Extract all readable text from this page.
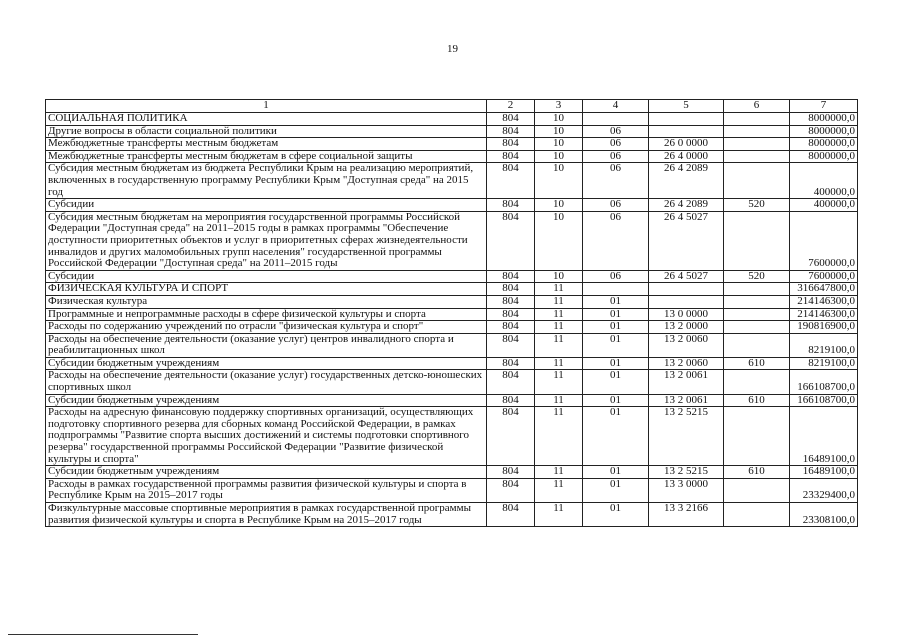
19
1	2	3	4	5	6	7
СОЦИАЛЬНАЯ ПОЛИТИКА	804	10				8000000,0
Другие вопросы в области социальной политики	804	10	06			8000000,0
Межбюджетные трансферты местным бюджетам	804	10	06	26 0 0000		8000000,0
Межбюджетные трансферты местным бюджетам в сфере социальной защиты	804	10	06	26 4 0000		8000000,0
Субсидия местным бюджетам из бюджета Республики Крым на реализацию мероприятий, включенных в государственную программу Республики Крым "Доступная среда" на 2015 год	804	10	06	26 4 2089		400000,0
Субсидии	804	10	06	26 4 2089	520	400000,0
Субсидия местным бюджетам на мероприятия государственной программы Российской Федерации "Доступная среда" на 2011–2015 годы в рамках программы "Обеспечение доступности приоритетных объектов и услуг в приоритетных сферах жизнедеятельности инвалидов и других маломобильных групп населения" государственной программы Российской Федерации "Доступная среда" на 2011–2015 годы	804	10	06	26 4 5027		7600000,0
Субсидии	804	10	06	26 4 5027	520	7600000,0
ФИЗИЧЕСКАЯ КУЛЬТУРА И СПОРТ	804	11				316647800,0
Физическая культура	804	11	01			214146300,0
Программные и непрограммные расходы в сфере физической культуры и спорта	804	11	01	13 0 0000		214146300,0
Расходы по содержанию учреждений по отрасли "физическая культура и спорт"	804	11	01	13 2 0000		190816900,0
Расходы на обеспечение деятельности (оказание услуг) центров инвалидного спорта и реабилитационных школ	804	11	01	13 2 0060		8219100,0
Субсидии бюджетным учреждениям	804	11	01	13 2 0060	610	8219100,0
Расходы на обеспечение деятельности (оказание услуг) государственных детско-юношеских спортивных школ	804	11	01	13 2 0061		166108700,0
Субсидии бюджетным учреждениям	804	11	01	13 2 0061	610	166108700,0
Расходы на адресную финансовую поддержку спортивных организаций, осуществляющих подготовку спортивного резерва для сборных команд Российской Федерации, в рамках подпрограммы "Развитие спорта высших достижений и системы подготовки спортивного резерва" государственной программы Российской Федерации "Развитие физической культуры и спорта"	804	11	01	13 2 5215		16489100,0
Субсидии бюджетным учреждениям	804	11	01	13 2 5215	610	16489100,0
Расходы в рамках государственной программы развития физической культуры и спорта в Республике Крым на 2015–2017 годы	804	11	01	13 3 0000		23329400,0
Физкультурные массовые спортивные мероприятия в рамках государственной программы развития физической культуры и спорта в Республике Крым на 2015–2017 годы	804	11	01	13 3 2166		23308100,0
